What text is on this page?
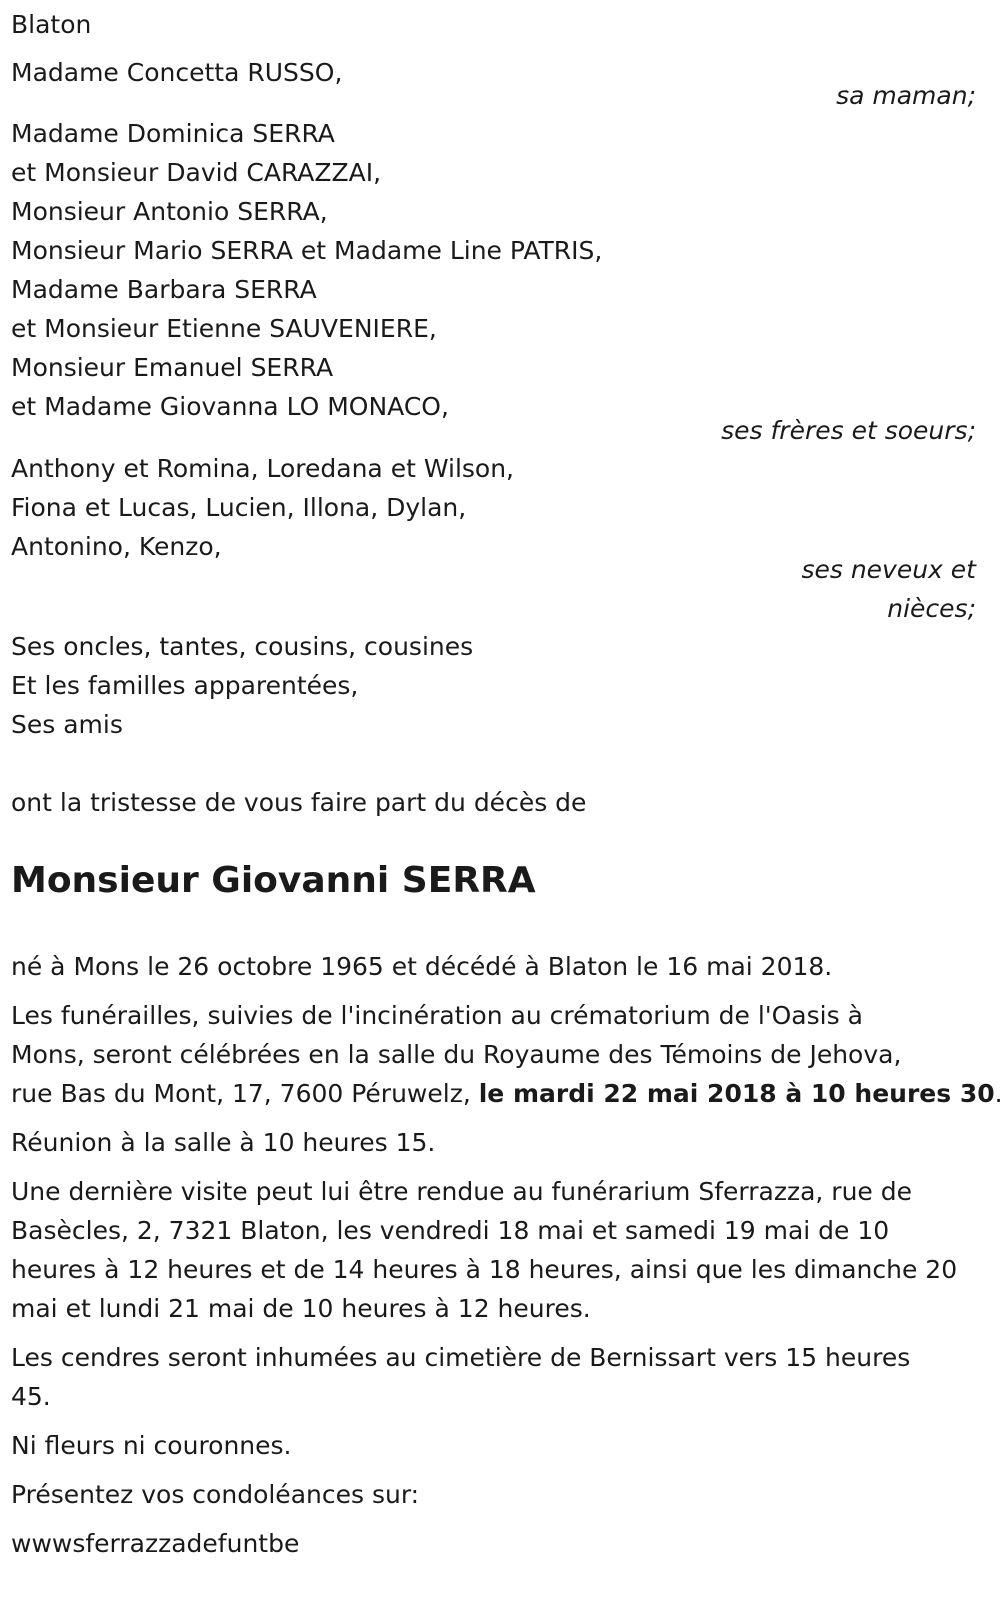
Blaton
Madame Concetta RUSSO,
sa maman;
Madame Dominica SERRA
et Monsieur David CARAZZAI,
Monsieur Antonio SERRA,
Monsieur Mario SERRA et Madame Line PATRIS,
Madame Barbara SERRA
et Monsieur Etienne SAUVENIERE,
Monsieur Emanuel SERRA
et Madame Giovanna LO MONACO,
ses frères et soeurs;
Anthony et Romina, Loredana et Wilson,
Fiona et Lucas, Lucien, Illona, Dylan,
Antonino, Kenzo,
ses neveux et
nièces;
Ses oncles, tantes, cousins, cousines
Et les familles apparentées,
Ses amis
ont la tristesse de vous faire part du décès de
Monsieur Giovanni SERRA
né à Mons le 26 octobre 1965 et décédé à Blaton le 16 mai 2018.
Les funérailles, suivies de l'incinération au crématorium de l'Oasis à
Mons, seront célébrées en la salle du Royaume des Témoins de Jehova,
rue Bas du Mont, 17, 7600 Péruwelz, le mardi 22 mai 2018 à 10 heures 30.
Réunion à la salle à 10 heures 15.
Une dernière visite peut lui être rendue au funérarium Sferrazza, rue de
Basècles, 2, 7321 Blaton, les vendredi 18 mai et samedi 19 mai de 10
heures à 12 heures et de 14 heures à 18 heures, ainsi que les dimanche 20
mai et lundi 21 mai de 10 heures à 12 heures.
Les cendres seront inhumées au cimetière de Bernissart vers 15 heures
45.
Ni fleurs ni couronnes.
Présentez vos condoléances sur:
wwwsferrazzadefuntbe
